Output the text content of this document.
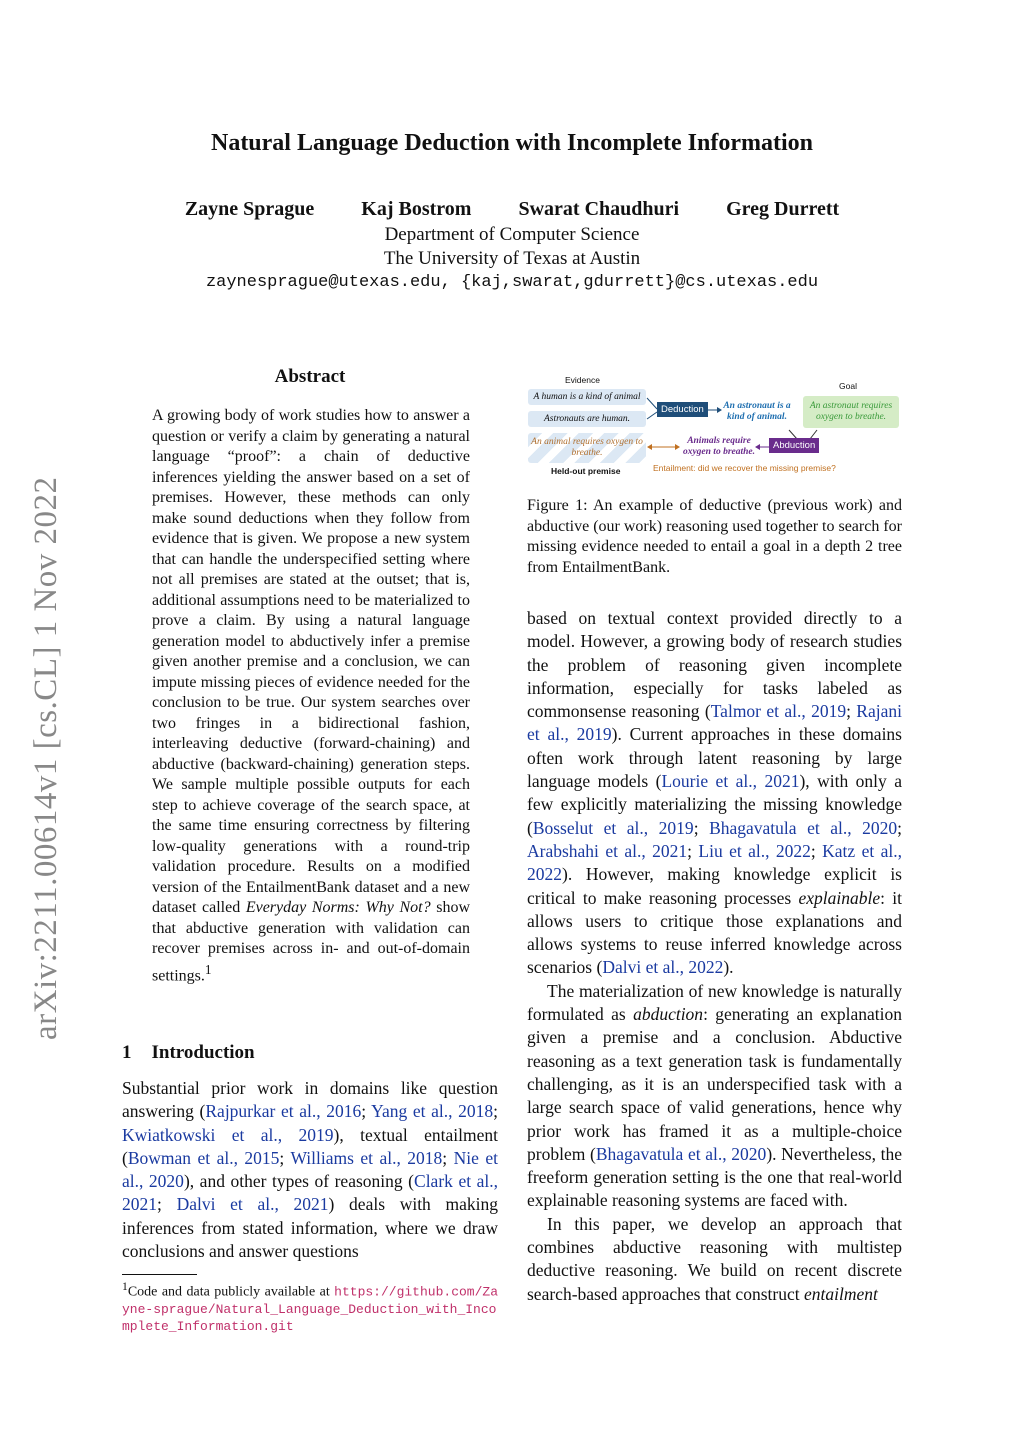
Natural Language Deduction with Incomplete Information
Zayne Sprague Kaj Bostrom Swarat Chaudhuri Greg Durrett
Department of Computer Science
The University of Texas at Austin
zaynesprague@utexas.edu, {kaj,swarat,gdurrett}@cs.utexas.edu
arXiv:2211.00614v1 [cs.CL] 1 Nov 2022
Abstract
A growing body of work studies how to answer a question or verify a claim by generating a natural language “proof”: a chain of deductive inferences yielding the answer based on a set of premises. However, these methods can only make sound deductions when they follow from evidence that is given. We propose a new system that can handle the underspecified setting where not all premises are stated at the outset; that is, additional assumptions need to be materialized to prove a claim. By using a natural language generation model to abductively infer a premise given another premise and a conclusion, we can impute missing pieces of evidence needed for the conclusion to be true. Our system searches over two fringes in a bidirectional fashion, interleaving deductive (forward-chaining) and abductive (backward-chaining) generation steps. We sample multiple possible outputs for each step to achieve coverage of the search space, at the same time ensuring correctness by filtering low-quality generations with a round-trip validation procedure. Results on a modified version of the EntailmentBank dataset and a new dataset called Everyday Norms: Why Not? show that abductive generation with validation can recover premises across in- and out-of-domain settings.$^1$
Evidence
Goal
A human is a kind of animal
Astronauts are human.
An animal requires oxygen to breathe.
Held-out premise
Deduction	An astronaut is a kind of animal.
An astronaut requires oxygen to breathe.
Abduction
Animals require oxygen to breathe.
Entailment: did we recover the missing premise?
Figure 1: An example of deductive (previous work) and abductive (our work) reasoning used together to search for missing evidence needed to entail a goal in a depth 2 tree from EntailmentBank.
1 Introduction
Substantial prior work in domains like question answering (Rajpurkar et al., 2016; Yang et al., 2018; Kwiatkowski et al., 2019), textual entailment (Bowman et al., 2015; Williams et al., 2018; Nie et al., 2020), and other types of reasoning (Clark et al., 2021; Dalvi et al., 2021) deals with making inferences from stated information, where we draw conclusions and answer questions
$^1$Code and data publicly available at https://github.com/Zayne-sprague/Natural_Language_Deduction_with_Incomplete_Information.git

based on textual context provided directly to a model. However, a growing body of research studies the problem of reasoning given incomplete information, especially for tasks labeled as commonsense reasoning (Talmor et al., 2019; Rajani et al., 2019). Current approaches in these domains often work through latent reasoning by large language models (Lourie et al., 2021), with only a few explicitly materializing the missing knowledge (Bosselut et al., 2019; Bhagavatula et al., 2020; Arabshahi et al., 2021; Liu et al., 2022; Katz et al., 2022). However, making knowledge explicit is critical to make reasoning processes explainable: it allows users to critique those explanations and allows systems to reuse inferred knowledge across scenarios (Dalvi et al., 2022).

The materialization of new knowledge is naturally formulated as abduction: generating an explanation given a premise and a conclusion. Abductive reasoning as a text generation task is fundamentally challenging, as it is an underspecified task with a large search space of valid generations, hence why prior work has framed it as a multiple-choice problem (Bhagavatula et al., 2020). Nevertheless, the freeform generation setting is the one that real-world explainable reasoning systems are faced with.

In this paper, we develop an approach that combines abductive reasoning with multistep deductive reasoning. We build on recent discrete search-based approaches that construct entailment
